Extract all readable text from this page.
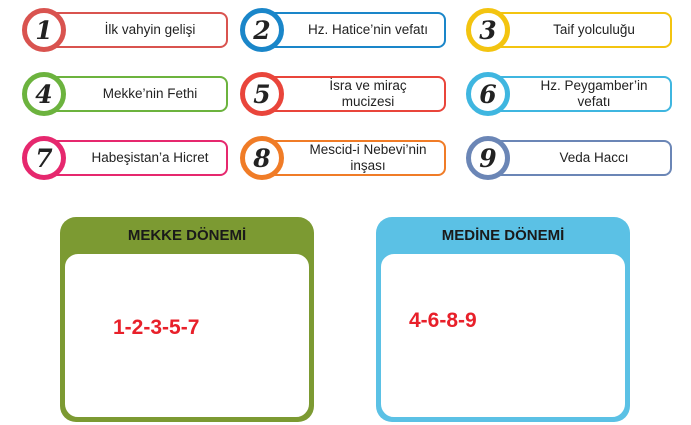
1	İlk vahyin gelişi 2	Hz. Hatice’nin vefatı 3	Taif yolculuğu
4	Mekke’nin Fethi 5	İsra ve miraç mucizesi	6	Hz. Peygamber’in vefatı
7	Habeşistan’a Hicret 8	Mescid-i Nebevi’nin inşası	9	Veda Haccı
MEKKE DÖNEMİ
1-2-3-5-7
MEDİNE DÖNEMİ
4-6-8-9
